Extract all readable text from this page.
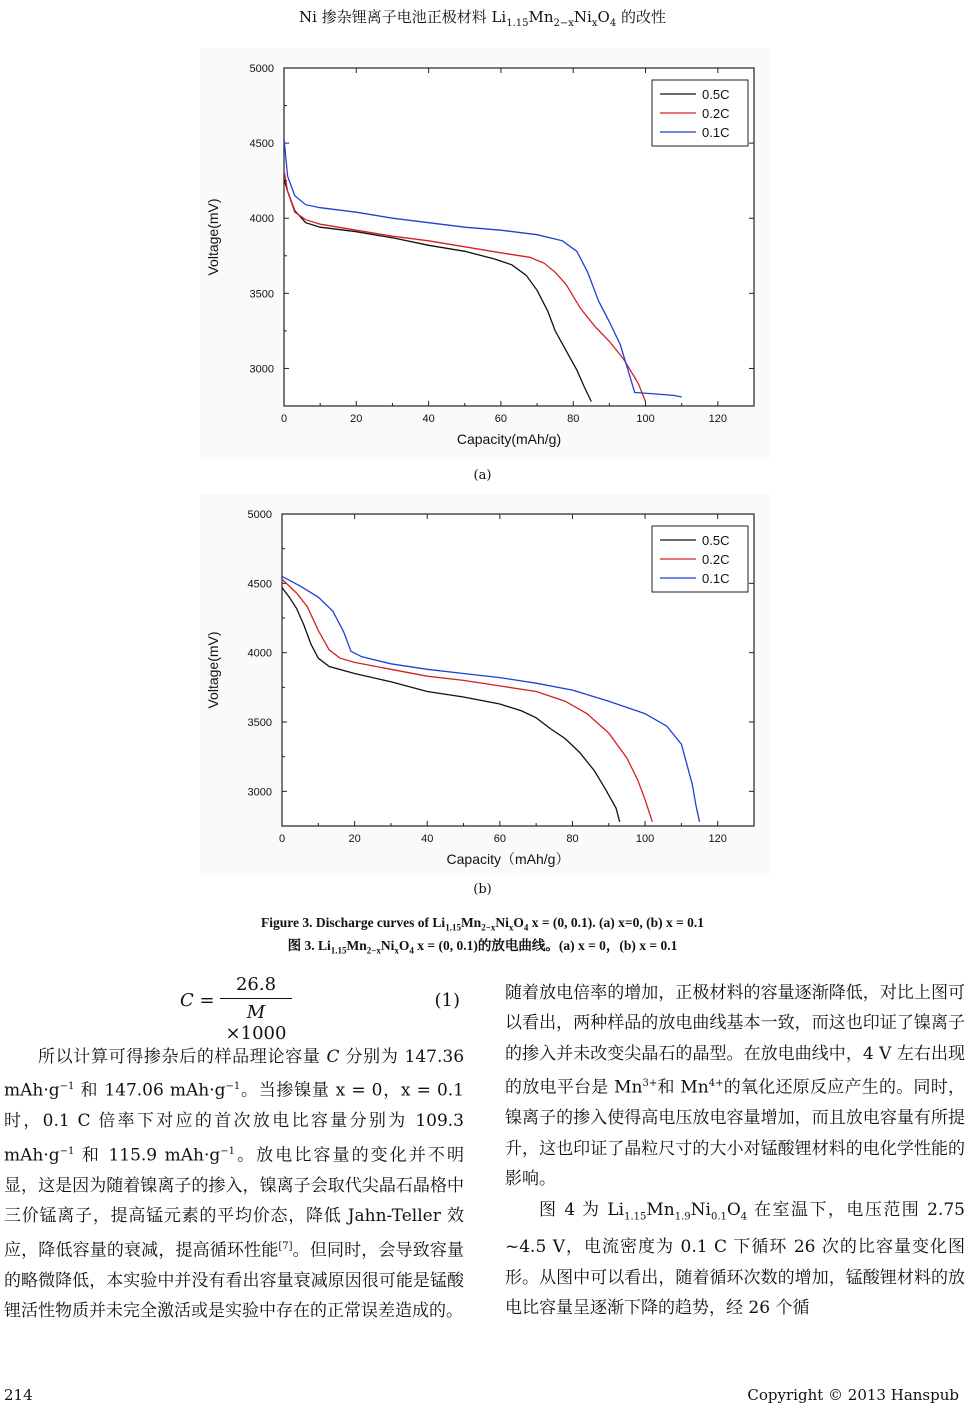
Ni 掺杂锂离子电池正极材料 $Li_{1.15}Mn_{2-x}Ni_xO_4$ 的改性
0	20	40	60	80	100	120
3000
3500
4000
4500
5000
Capacity(mAh/g)
Voltage(mV)
0.5C
0.2C
0.1C
(a)
0	20	40	60	80	100	120
3000
3500
4000
4500
5000
Capacity（mAh/g）
Voltage(mV)
0.5C
0.2C
0.1C
(b)
Figure 3. Discharge curves of $Li_{1.15}Mn_{2-x}Ni_xO_4$ x = (0, 0.1). (a) x=0, (b) x = 0.1
图 3. $Li_{1.15}Mn_{2-x}Ni_xO_4$ x = (0, 0.1)的放电曲线。(a) x = 0，(b) x = 0.1
$C = \frac{26.8}{M \times 1000}$	(1)

所以计算可得掺杂后的样品理论容量 C 分别为 147.36 $mAh\cdot g^{-1}$ 和 147.06 $mAh\cdot g^{-1}$。当掺镍量 x = 0，x = 0.1 时，0.1 C 倍率下对应的首次放电比容量分别为 109.3 $mAh\cdot g^{-1}$ 和 115.9 $mAh\cdot g^{-1}$。放电比容量的变化并不明显，这是因为随着镍离子的掺入，镍离子会取代尖晶石晶格中三价锰离子，提高锰元素的平均价态，降低 Jahn-Teller 效应，降低容量的衰减，提高循环性能[7]。但同时，会导致容量的略微降低，本实验中并没有看出容量衰减原因很可能是锰酸锂活性物质并未完全激活或是实验中存在的正常误差造成的。

随着放电倍率的增加，正极材料的容量逐渐降低，对比上图可以看出，两种样品的放电曲线基本一致，而这也印证了镍离子的掺入并未改变尖晶石的晶型。在放电曲线中，4 V 左右出现的放电平台是 $Mn^{3+}$和 $Mn^{4+}$的氧化还原反应产生的。同时，镍离子的掺入使得高电压放电容量增加，而且放电容量有所提升，这也印证了晶粒尺寸的大小对锰酸锂材料的电化学性能的影响。

图 4 为 $Li_{1.15}Mn_{1.9}Ni_{0.1}O_4$ 在室温下，电压范围 2.75 ~4.5 V，电流密度为 0.1 C 下循环 26 次的比容量变化图形。从图中可以看出，随着循环次数的增加，锰酸锂材料的放电比容量呈逐渐下降的趋势，经 26 个循

214	Copyright © 2013 Hanspub
